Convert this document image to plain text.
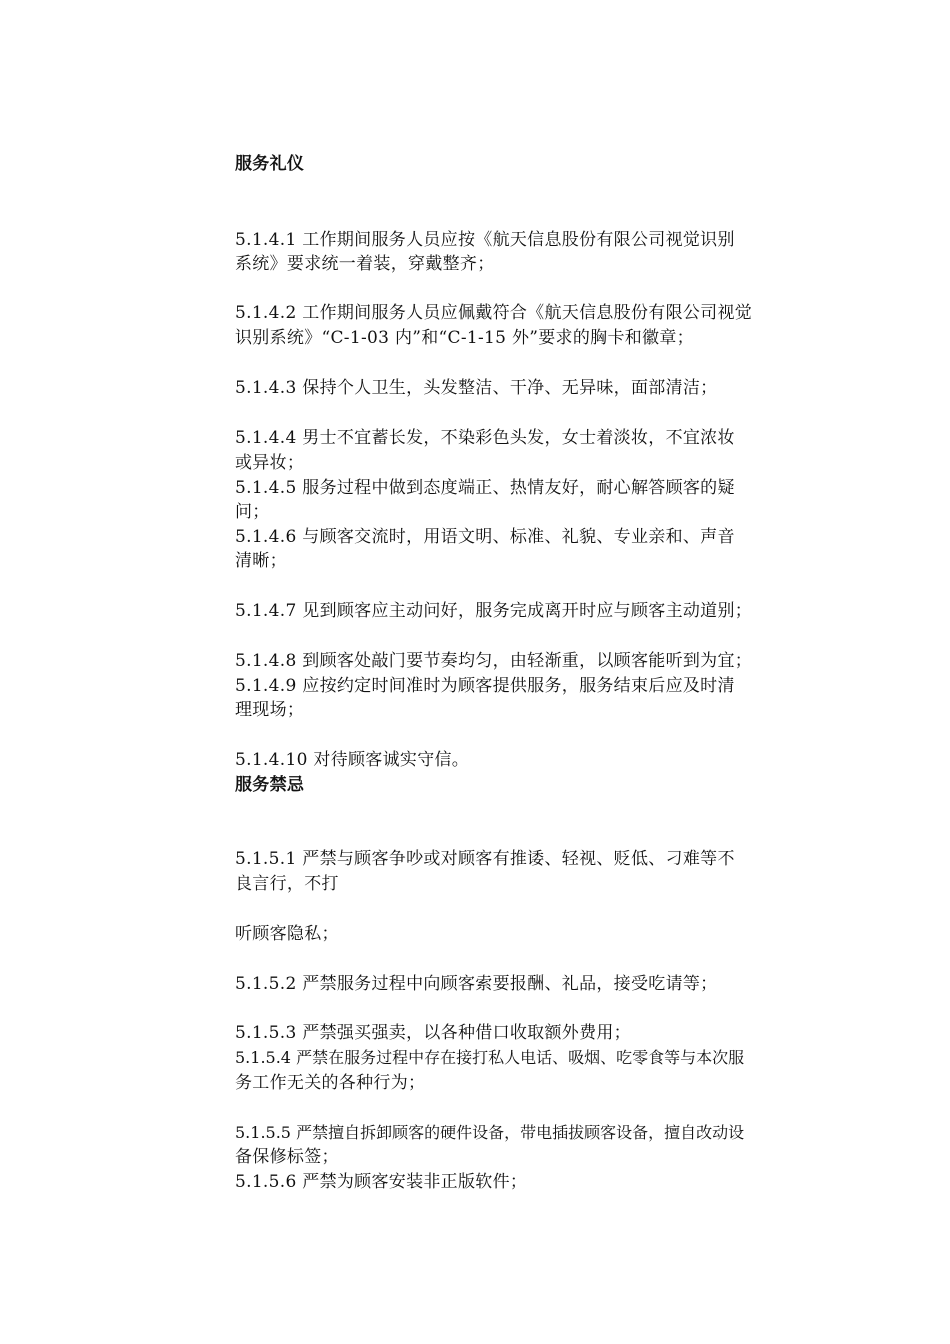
服务礼仪
5.1.4.1 工作期间服务人员应按《航天信息股份有限公司视觉识别
系统》要求统一着装，穿戴整齐；
5.1.4.2 工作期间服务人员应佩戴符合《航天信息股份有限公司视觉
识别系统》“C-1-03 内”和“C-1-15 外”要求的胸卡和徽章；
5.1.4.3 保持个人卫生，头发整洁、干净、无异味，面部清洁；
5.1.4.4 男士不宜蓄长发，不染彩色头发，女士着淡妆，不宜浓妆
或异妆；
5.1.4.5 服务过程中做到态度端正、热情友好，耐心解答顾客的疑
问；
5.1.4.6 与顾客交流时，用语文明、标准、礼貌、专业亲和、声音
清晰；
5.1.4.7 见到顾客应主动问好，服务完成离开时应与顾客主动道别；
5.1.4.8 到顾客处敲门要节奏均匀，由轻渐重，以顾客能听到为宜；
5.1.4.9 应按约定时间准时为顾客提供服务，服务结束后应及时清
理现场；
5.1.4.10 对待顾客诚实守信。
服务禁忌
5.1.5.1 严禁与顾客争吵或对顾客有推诿、轻视、贬低、刁难等不
良言行，不打
听顾客隐私；
5.1.5.2 严禁服务过程中向顾客索要报酬、礼品，接受吃请等；
5.1.5.3 严禁强买强卖，以各种借口收取额外费用；
5.1.5.4 严禁在服务过程中存在接打私人电话、吸烟、吃零食等与本次服
务工作无关的各种行为；
5.1.5.5 严禁擅自拆卸顾客的硬件设备，带电插拔顾客设备，擅自改动设
备保修标签；
5.1.5.6 严禁为顾客安装非正版软件；
